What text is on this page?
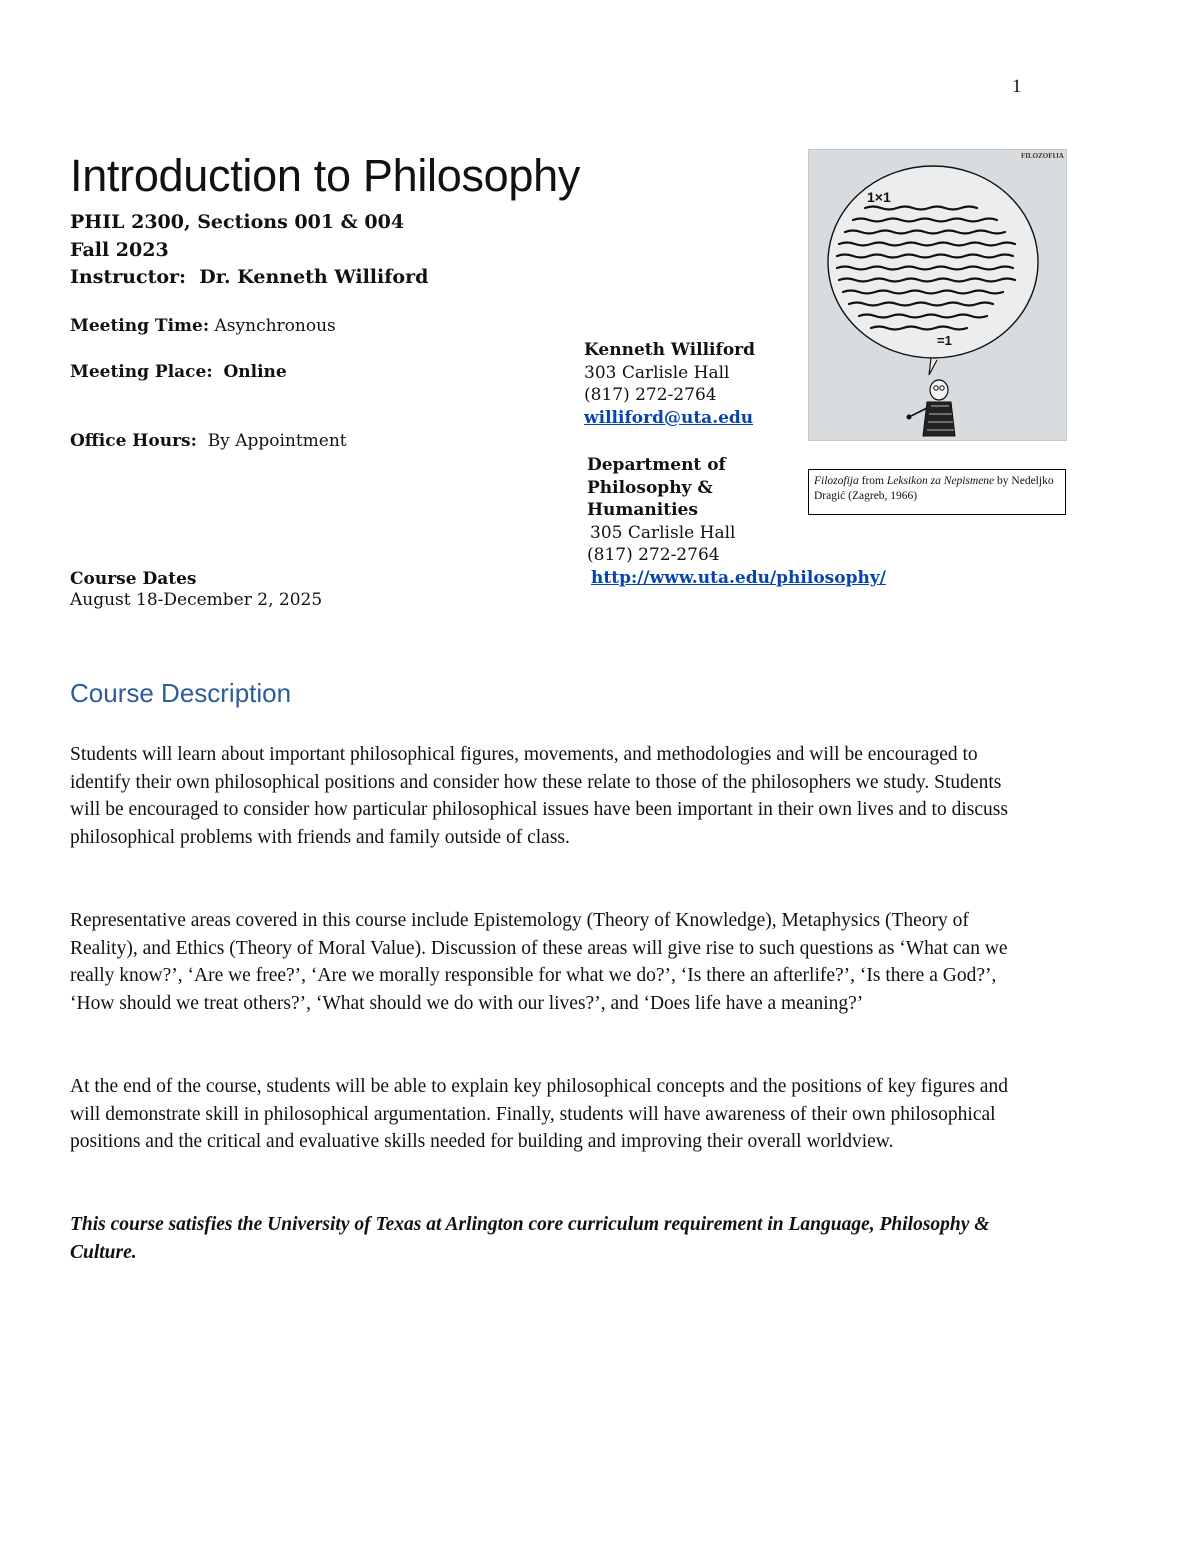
1
Introduction to Philosophy
PHIL 2300, Sections 001 & 004
Fall 2023
Instructor: Dr. Kenneth Williford
Meeting Time: Asynchronous
Meeting Place: Online
Office Hours: By Appointment
Course Dates
August 18-December 2, 2025
Kenneth Williford
303 Carlisle Hall
(817) 272-2764
williford@uta.edu
Department of
Philosophy &
Humanities
305 Carlisle Hall
(817) 272-2764
http://www.uta.edu/philosophy/
FILOZOFIJA
1×1
=1
Filozofija from Leksikon za Nepismene by Nedeljko Dragić (Zagreb, 1966)
Course Description

Students will learn about important philosophical figures, movements, and methodologies and will be encouraged to identify their own philosophical positions and consider how these relate to those of the philosophers we study. Students will be encouraged to consider how particular philosophical issues have been important in their own lives and to discuss philosophical problems with friends and family outside of class.

Representative areas covered in this course include Epistemology (Theory of Knowledge), Metaphysics (Theory of Reality), and Ethics (Theory of Moral Value). Discussion of these areas will give rise to such questions as ‘What can we really know?’, ‘Are we free?’, ‘Are we morally responsible for what we do?’, ‘Is there an afterlife?’, ‘Is there a God?’, ‘How should we treat others?’, ‘What should we do with our lives?’, and ‘Does life have a meaning?’

At the end of the course, students will be able to explain key philosophical concepts and the positions of key figures and will demonstrate skill in philosophical argumentation. Finally, students will have awareness of their own philosophical positions and the critical and evaluative skills needed for building and improving their overall worldview.

This course satisfies the University of Texas at Arlington core curriculum requirement in Language, Philosophy & Culture.
